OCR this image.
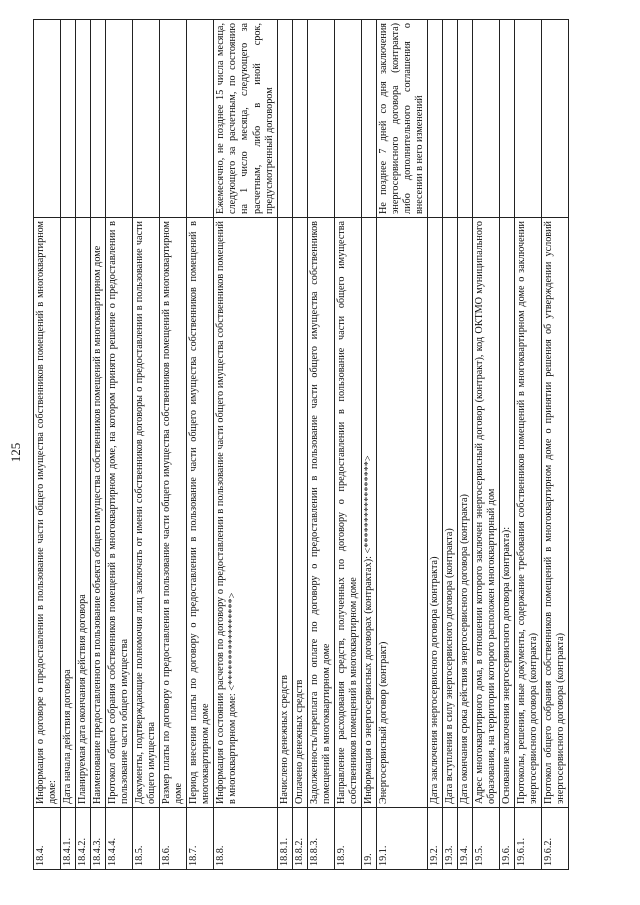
125
18.4.	Информация о договоре о предоставлении в пользование части общего имущества собственников помещений в многоквартирном доме:	
18.4.1.	Дата начала действия договора	
18.4.2.	Планируемая дата окончания действия договора	
18.4.3.	Наименование предоставленного в пользование объекта общего имущества собственников помещений в многоквартирном доме	
18.4.4.	Протокол общего собрания собственников помещений в многоквартирном доме, на котором принято решение о предоставлении в пользование части общего имущества	
18.5.	Документы, подтверждающие полномочия лиц заключать от имени собственников договоры о предоставлении в пользование части общего имущества	
18.6.	Размер платы по договору о предоставлении в пользование части общего имущества собственников помещений в многоквартирном доме	
18.7.	Период внесения платы по договору о предоставлении в пользование части общего имущества собственников помещений в многоквартирном доме	
18.8.	Информация о состоянии расчетов по договору о предоставлении в пользование части общего имущества собственников помещений в многоквартирном доме: <*****************>	Ежемесячно, не позднее 15 числа месяца, следующего за расчетным, по состоянию на 1 число месяца, следующего за расчетным, либо в иной срок, предусмотренный договором
18.8.1.	Начислено денежных средств	
18.8.2.	Оплачено денежных средств	
18.8.3.	Задолженность/переплата по оплате по договору о предоставлении в пользование части общего имущества собственников помещений в многоквартирном доме	
18.9.	Направление расходования средств, полученных по договору о предоставлении в пользование части общего имущества собственников помещений в многоквартирном доме	
19.	Информация о энергосервисных договорах (контрактах): <*****************>	
19.1.	Энергосервисный договор (контракт)	Не позднее 7 дней со дня заключения энергосервисного договора (контракта) либо дополнительного соглашения о внесении в него изменений
19.2.	Дата заключения энергосервисного договора (контракта)	
19.3.	Дата вступления в силу энергосервисного договора (контракта)	
19.4.	Дата окончания срока действия энергосервисного договора (контракта)	
19.5.	Адрес многоквартирного дома, в отношении которого заключен энергосервисный договор (контракт), код ОКТМО муниципального образования, на территории которого расположен многоквартирный дом	
19.6.	Основание заключения энергосервисного договора (контракта):	
19.6.1.	Протоколы, решения, иные документы, содержание требования собственников помещений в многоквартирном доме о заключении энергосервисного договора (контракта)	
19.6.2.	Протокол общего собрания собственников помещений в многоквартирном доме о принятии решения об утверждении условий энергосервисного договора (контракта)	
